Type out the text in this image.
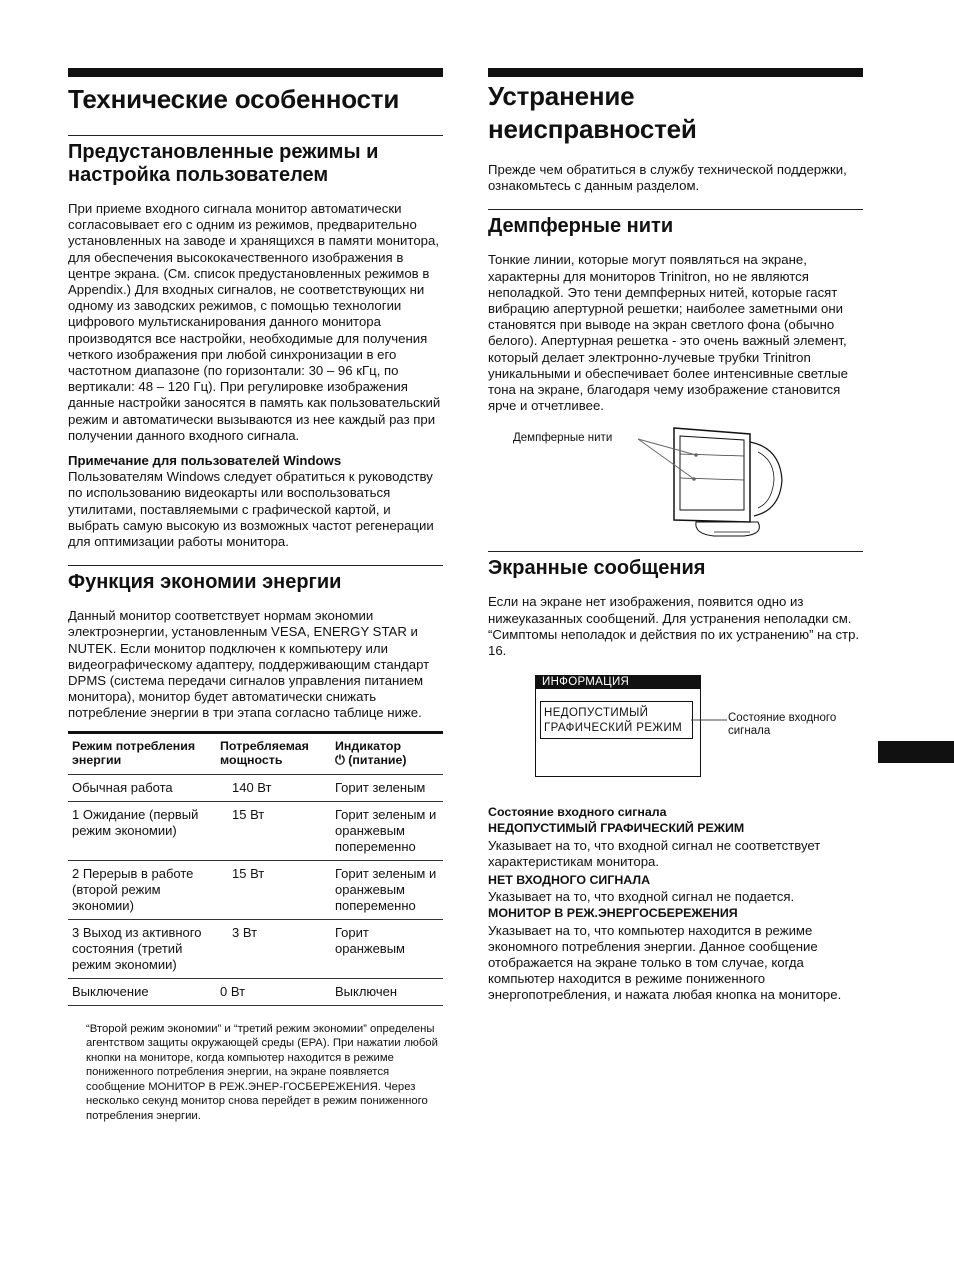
Технические особенности
Предустановленные режимы и настройка пользователем

При приеме входного сигнала монитор автоматически согласовывает его с одним из режимов, предварительно установленных на заводе и хранящихся в памяти монитора, для обеспечения высококачественного изображения в центре экрана. (См. список предустановленных режимов в Appendix.) Для входных сигналов, не соответствующих ни одному из заводских режимов, с помощью технологии цифрового мультисканирования данного монитора производятся все настройки, необходимые для получения четкого изображения при любой синхронизации в его частотном диапазоне (по горизонтали: 30 – 96 кГц, по вертикали: 48 – 120 Гц). При регулировке изображения данные настройки заносятся в память как пользовательский режим и автоматически вызываются из нее каждый раз при получении данного входного сигнала.

Примечание для пользователей Windows

Пользователям Windows следует обратиться к руководству по использованию видеокарты или воспользоваться утилитами, поставляемыми с графической картой, и выбрать самую высокую из возможных частот регенерации для оптимизации работы монитора.

Функция экономии энергии

Данный монитор соответствует нормам экономии электроэнергии, установленным VESA, ENERGY STAR и NUTEK. Если монитор подключен к компьютеру или видеографическому адаптеру, поддерживающим стандарт DPMS (система передачи сигналов управления питанием монитора), монитор будет автоматически снижать потребление энергии в три этапа согласно таблице ниже.

Режим потребления энергии	Потребляемая мощность	Индикатор
⏻ (питание)
Обычная работа	140 Вт	Горит зеленым
1 Ожидание (первый режим экономии)	15 Вт	Горит зеленым и оранжевым попеременно
2 Перерыв в работе (второй режим экономии)	15 Вт	Горит зеленым и оранжевым попеременно
3 Выход из активного состояния (третий режим экономии)	3 Вт	Горит оранжевым
Выключение	0 Вт	Выключен

“Второй режим экономии” и “третий режим экономии” определены агентством защиты окружающей среды (EPA). При нажатии любой кнопки на мониторе, когда компьютер находится в режиме пониженного потребления энергии, на экране появляется сообщение МОНИТОР В РЕЖ.ЭНЕР-ГОСБЕРЕЖЕНИЯ. Через несколько секунд монитор снова перейдет в режим пониженного потребления энергии.

Устранение
неисправностей

Прежде чем обратиться в службу технической поддержки, ознакомьтесь с данным разделом.

Демпферные нити

Тонкие линии, которые могут появляться на экране, характерны для мониторов Trinitron, но не являются неполадкой. Это тени демпферных нитей, которые гасят вибрацию апертурной решетки; наиболее заметными они становятся при выводе на экран светлого фона (обычно белого). Апертурная решетка - это очень важный элемент, который делает электронно-лучевые трубки Trinitron уникальными и обеспечивает более интенсивные светлые тона на экране, благодаря чему изображение становится ярче и отчетливее.

Демпферные нити
Экранные сообщения

Если на экране нет изображения, появится одно из нижеуказанных сообщений. Для устранения неполадки см. “Симптомы неполадок и действия по их устранению” на стр. 16.

ИНФОРМАЦИЯ
НЕДОПУСТИМЫЙ
ГРАФИЧЕСКИЙ РЕЖИМ
Состояние входного
сигнала
Состояние входного сигнала
НЕДОПУСТИМЫЙ ГРАФИЧЕСКИЙ РЕЖИМ

Указывает на то, что входной сигнал не соответствует характеристикам монитора.

НЕТ ВХОДНОГО СИГНАЛА

Указывает на то, что входной сигнал не подается.

МОНИТОР В РЕЖ.ЭНЕРГОСБЕРЕЖЕНИЯ

Указывает на то, что компьютер находится в режиме экономного потребления энергии. Данное сообщение отображается на экране только в том случае, когда компьютер находится в режиме пониженного энергопотребления, и нажата любая кнопка на мониторе.
